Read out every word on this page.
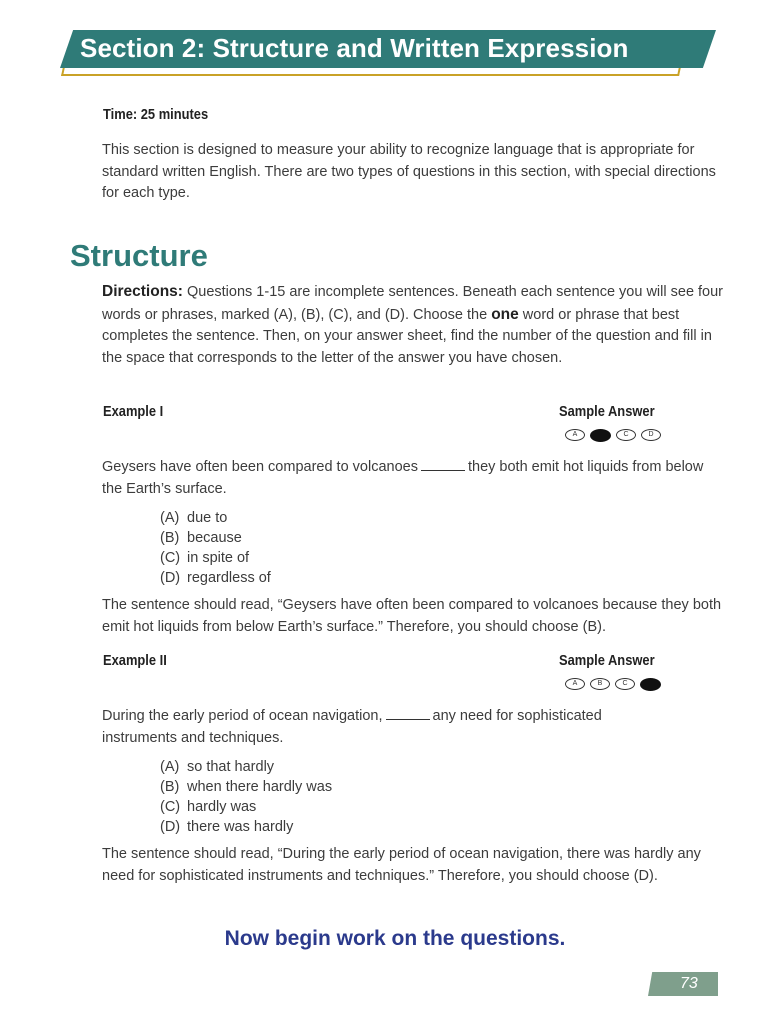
Section 2: Structure and Written Expression
Time: 25 minutes
This section is designed to measure your ability to recognize language that is appropriate for standard written English. There are two types of questions in this section, with special directions for each type.
Structure
Directions: Questions 1-15 are incomplete sentences. Beneath each sentence you will see four words or phrases, marked (A), (B), (C), and (D). Choose the one word or phrase that best completes the sentence. Then, on your answer sheet, find the number of the question and fill in the space that corresponds to the letter of the answer you have chosen.
Example I	Sample Answer
A	C	D
Geysers have often been compared to volcanoes	they both emit hot liquids from below the Earth’s surface.
(A) due to
(B) because
(C) in spite of
(D) regardless of
The sentence should read, “Geysers have often been compared to volcanoes because they both emit hot liquids from below Earth’s surface.” Therefore, you should choose (B).
Example II	Sample Answer
A	B	C
During the early period of ocean navigation,	any need for sophisticated instruments and techniques.
(A) so that hardly
(B) when there hardly was
(C) hardly was
(D) there was hardly
The sentence should read, “During the early period of ocean navigation, there was hardly any need for sophisticated instruments and techniques.” Therefore, you should choose (D).
Now begin work on the questions.
73
